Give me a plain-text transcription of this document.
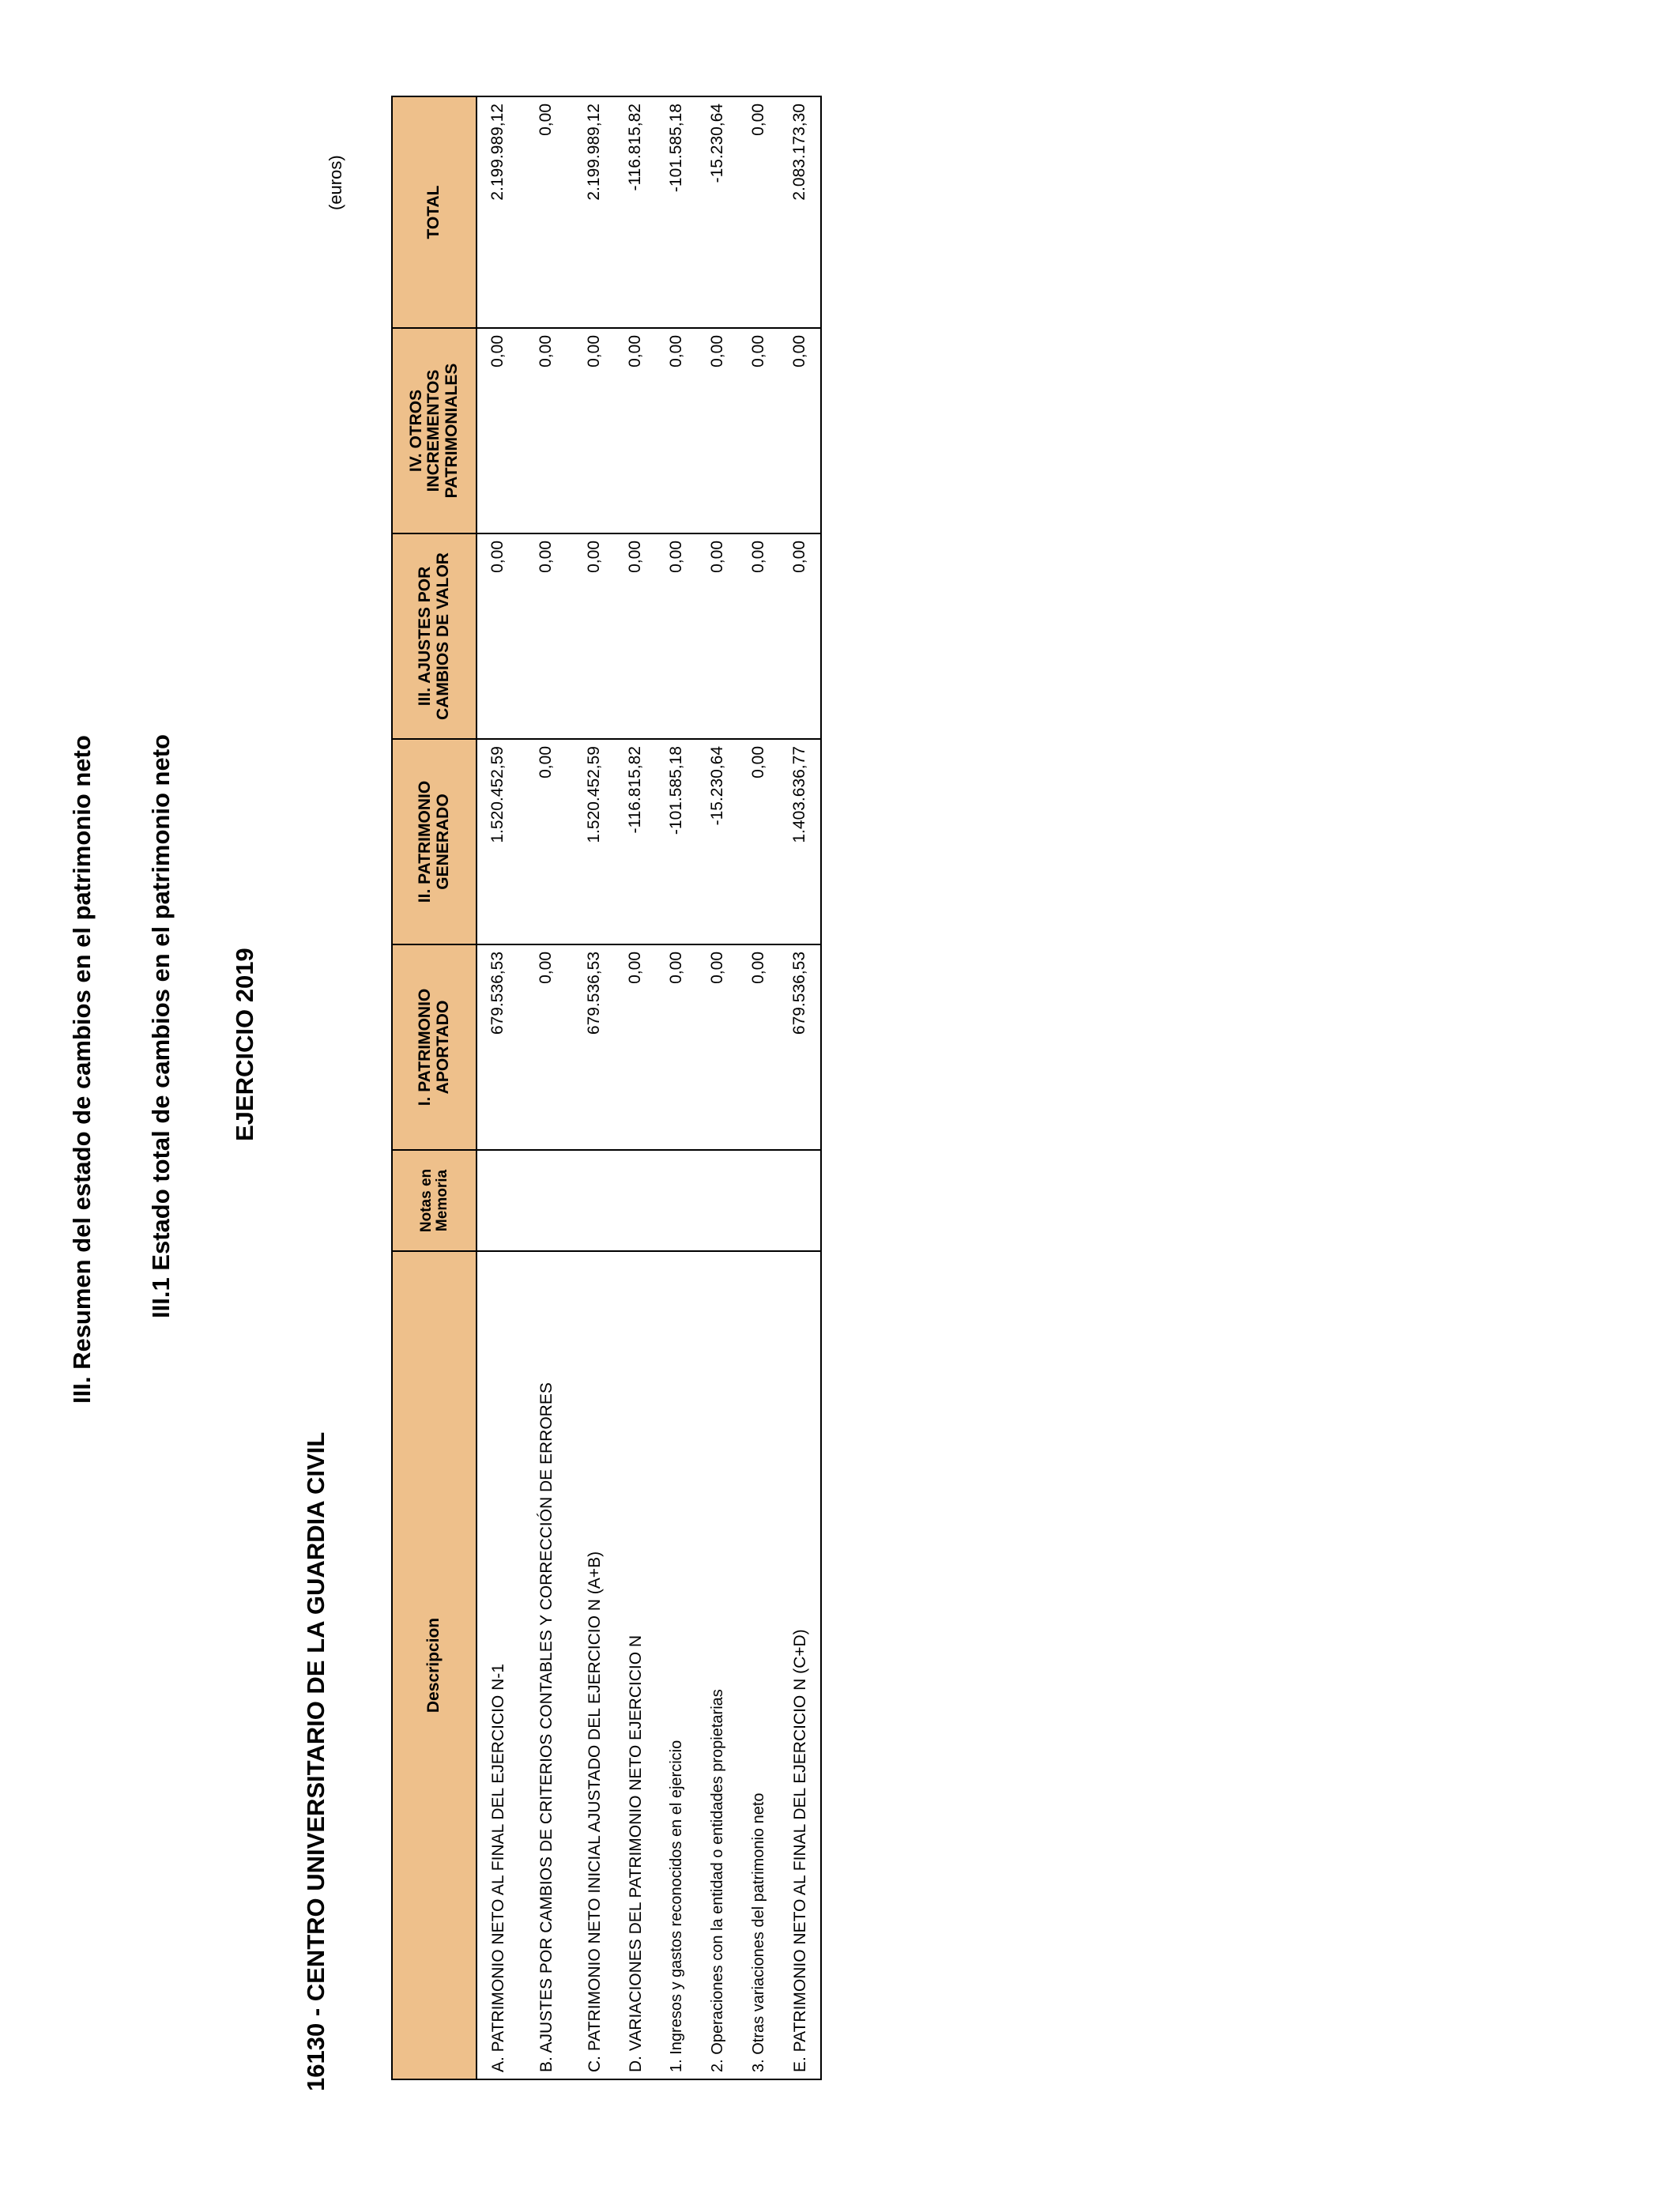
III. Resumen del estado de cambios en el patrimonio neto III.1 Estado total de cambios en el patrimonio neto EJERCICIO 2019
16130 - CENTRO UNIVERSITARIO DE LA GUARDIA CIVIL
(euros)
Descripcion	Notas en Memoria	I. PATRIMONIO APORTADO	II. PATRIMONIO GENERADO	III. AJUSTES POR CAMBIOS DE VALOR	IV. OTROS INCREMENTOS PATRIMONIALES	TOTAL
A. PATRIMONIO NETO AL FINAL DEL EJERCICIO N-1		679.536,53	1.520.452,59	0,00	0,00	2.199.989,12
B. AJUSTES POR CAMBIOS DE CRITERIOS CONTABLES Y CORRECCIÓN DE ERRORES		0,00	0,00	0,00	0,00	0,00
C. PATRIMONIO NETO INICIAL AJUSTADO DEL EJERCICIO N (A+B)		679.536,53	1.520.452,59	0,00	0,00	2.199.989,12
D. VARIACIONES DEL PATRIMONIO NETO EJERCICIO N		0,00	-116.815,82	0,00	0,00	-116.815,82
1. Ingresos y gastos reconocidos en el ejercicio		0,00	-101.585,18	0,00	0,00	-101.585,18
2. Operaciones con la entidad o entidades propietarias		0,00	-15.230,64	0,00	0,00	-15.230,64
3. Otras variaciones del patrimonio neto		0,00	0,00	0,00	0,00	0,00
E. PATRIMONIO NETO AL FINAL DEL EJERCICIO N (C+D)		679.536,53	1.403.636,77	0,00	0,00	2.083.173,30
